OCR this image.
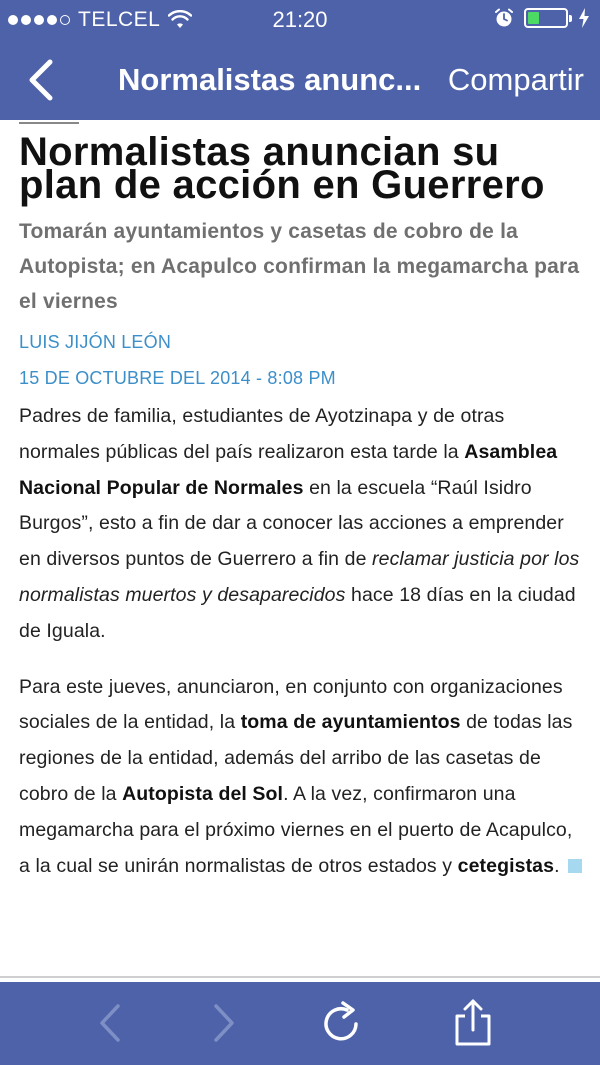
TELCEL	21:20
Normalistas anunc... Compartir
Normalistas anuncian su plan de acción en Guerrero
Tomarán ayuntamientos y casetas de cobro de la Autopista; en Acapulco confirman la megamarcha para el viernes
LUIS JIJÓN LEÓN
15 DE OCTUBRE DEL 2014 - 8:08 PM

Padres de familia, estudiantes de Ayotzinapa y de otras normales públicas del país realizaron esta tarde la Asamblea Nacional Popular de Normales en la escuela “Raúl Isidro Burgos”, esto a fin de dar a conocer las acciones a emprender en diversos puntos de Guerrero a fin de reclamar justicia por los normalistas muertos y desaparecidos hace 18 días en la ciudad de Iguala.

Para este jueves, anunciaron, en conjunto con organizaciones sociales de la entidad, la toma de ayuntamientos de todas las regiones de la entidad, además del arribo de las casetas de cobro de la Autopista del Sol. A la vez, confirmaron una megamarcha para el próximo viernes en el puerto de Acapulco, a la cual se unirán normalistas de otros estados y cetegistas.
